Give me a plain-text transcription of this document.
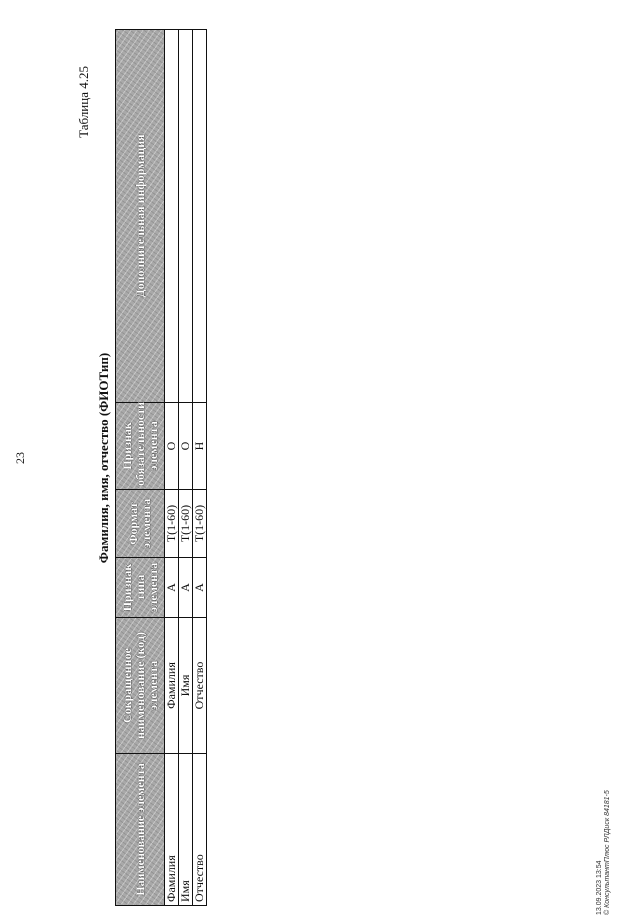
23
Таблица 4.25
Фамилия, имя, отчество (ФИОТип)
Наименование элемента	Сокращенное наименование (код) элемента	Признак типа элемента	Формат элемента	Признак обязательности элемента	Дополнительная информация
Фамилия	Фамилия	А	T(1-60)	О	
Имя	Имя	А	T(1-60)	О	
Отчество	Отчество	А	T(1-60)	Н	
13.09.2023 13:54 © КонсультантПлюс РЛДиск 84181-5
